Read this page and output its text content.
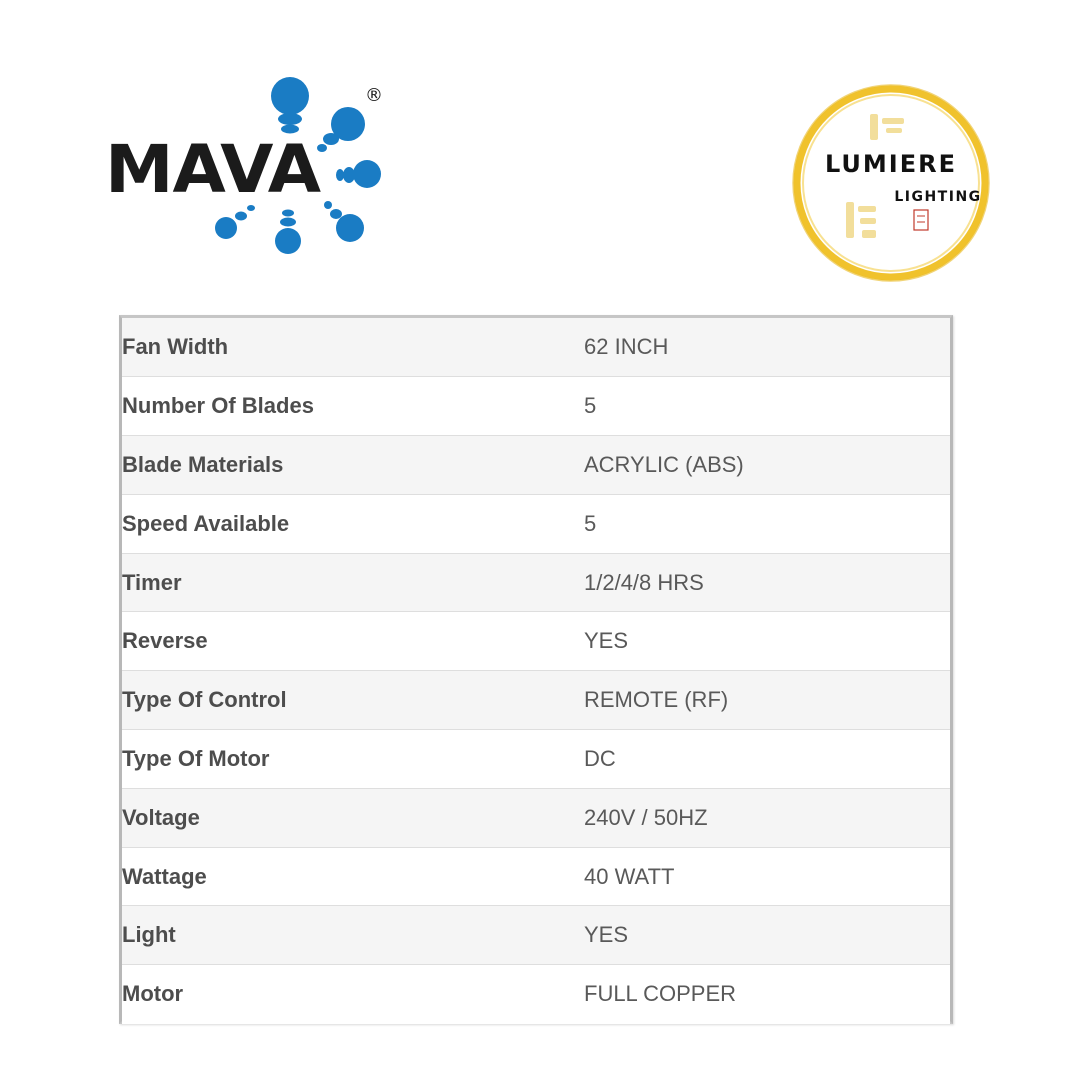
MAVA
®
LUMIERE
LIGHTING
Fan Width	62 INCH
Number Of Blades	5
Blade Materials	ACRYLIC (ABS)
Speed Available	5
Timer	1/2/4/8 HRS
Reverse	YES
Type Of Control	REMOTE (RF)
Type Of Motor	DC
Voltage	240V / 50HZ
Wattage	40 WATT
Light	YES
Motor	FULL COPPER
